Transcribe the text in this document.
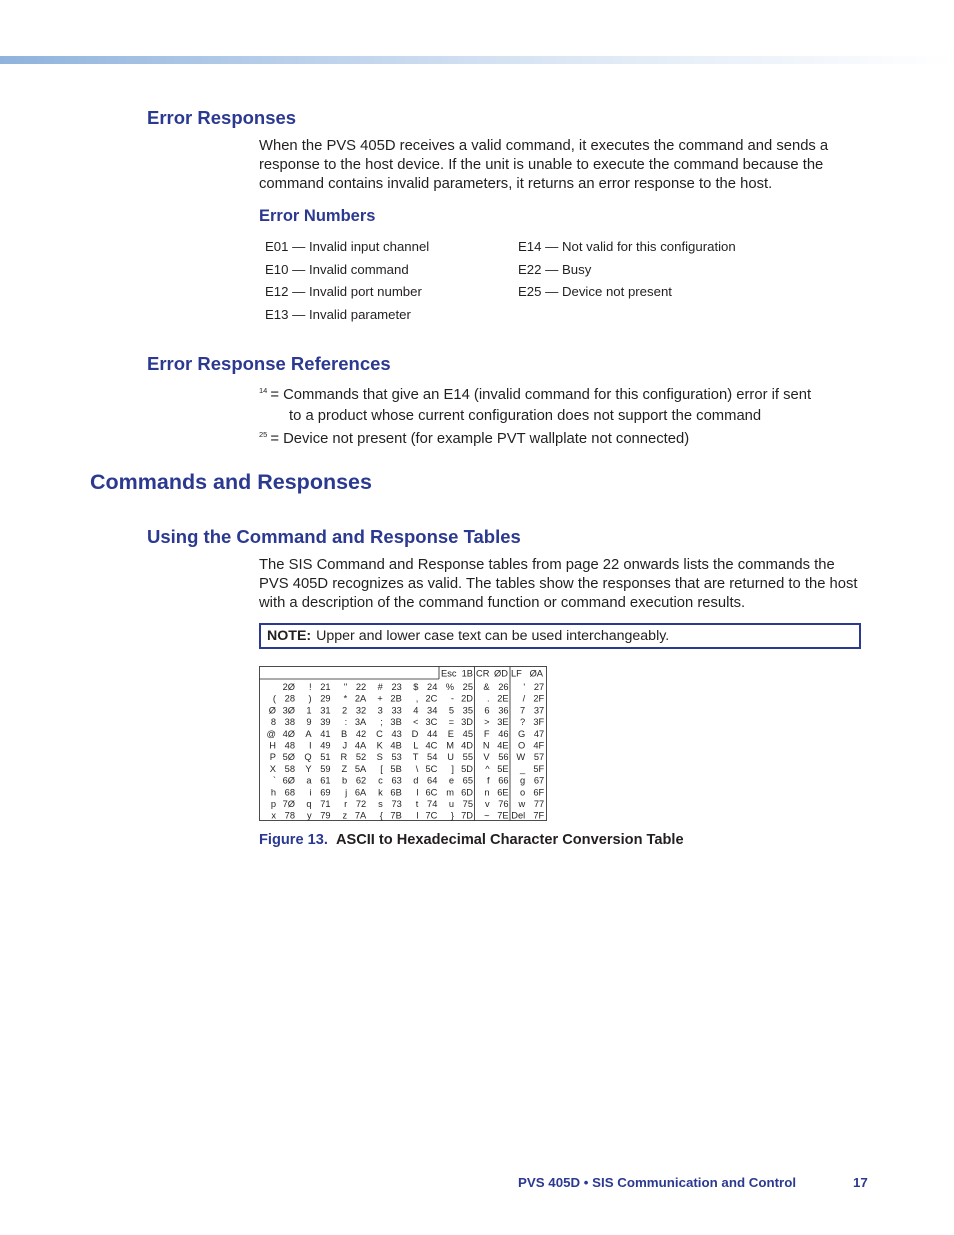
Error Responses

When the PVS 405D receives a valid command, it executes the command and sends a response to the host device. If the unit is unable to execute the command because the command contains invalid parameters, it returns an error response to the host.

Error Numbers
E01 — Invalid input channel
E10 — Invalid command
E12 — Invalid port number
E13 — Invalid parameter
E14 — Not valid for this configuration
E22 — Busy
E25 — Device not present
Error Response References
$^{14}$ = Commands that give an E14 (invalid command for this configuration) error if sent
to a product whose current configuration does not support the command
$^{25}$ = Device not present (for example PVT wallplate not connected)
Commands and Responses
Using the Command and Response Tables

The SIS Command and Response tables from page 22 onwards lists the commands the PVS 405D recognizes as valid. The tables show the responses that are returned to the host with a description of the command function or command execution results.

NOTE: Upper and lower case text can be used interchangeably.
Esc 1B CR ØD LF ØA
2Ø
( 28
Ø 3Ø
8 38
@ 4Ø
H 48
P 5Ø
X 58
` 6Ø
h 68
p 7Ø
x 78
! 21
) 29
1 31
9 39
A 41
I 49
Q 51
Y 59
a 61
i 69
q 71
y 79
" 22
* 2A
2 32
: 3A
B 42
J 4A
R 52
Z 5A
b 62
j 6A
r 72
z 7A
# 23
+ 2B
3 33
; 3B
C 43
K 4B
S 53
[ 5B
c 63
k 6B
s 73
{ 7B
$ 24
, 2C
4 34
< 3C
D 44
L 4C
T 54
\ 5C
d 64
l 6C
t 74
l 7C
% 25
- 2D
5 35
= 3D
E 45
M 4D
U 55
] 5D
e 65
m 6D
u 75
} 7D
& 26
. 2E
6 36
> 3E
F 46
N 4E
V 56
^ 5E
f 66
n 6E
v 76
~ 7E
' 27
/ 2F
7 37
? 3F
G 47
O 4F
W 57
_ 5F
g 67
o 6F
w 77
Del 7F
Figure 13. ASCII to Hexadecimal Character Conversion Table
PVS 405D • SIS Communication and Control	17
